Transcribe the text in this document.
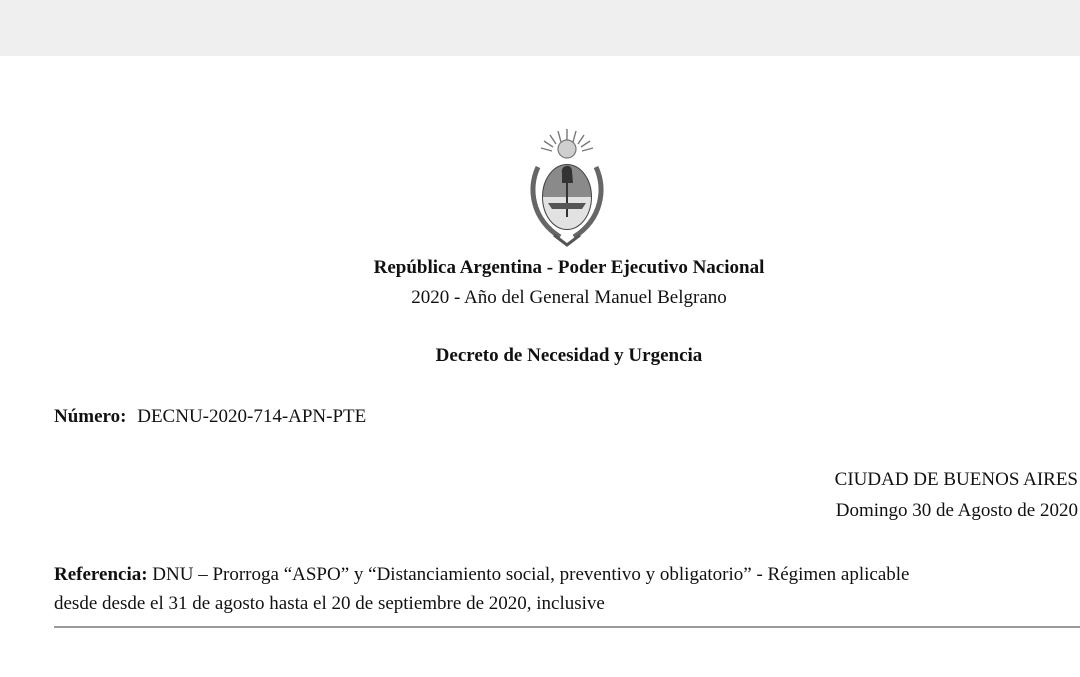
República Argentina - Poder Ejecutivo Nacional
2020 - Año del General Manuel Belgrano
Decreto de Necesidad y Urgencia
Número: DECNU-2020-714-APN-PTE
CIUDAD DE BUENOS AIRES
Domingo 30 de Agosto de 2020
Referencia: DNU – Prorroga “ASPO” y “Distanciamiento social, preventivo y obligatorio” - Régimen aplicable
desde desde el 31 de agosto hasta el 20 de septiembre de 2020, inclusive
